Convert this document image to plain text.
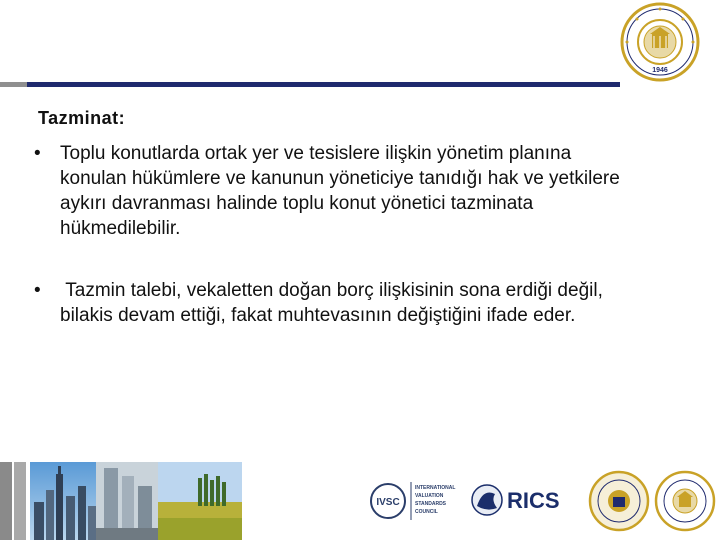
1946
Tazminat:
• Toplu konutlarda ortak yer ve tesislere ilişkin yönetim planına konulan hükümlere ve kanunun yöneticiye tanıdığı hak ve yetkilere aykırı davranması halinde toplu konut yönetici tazminata hükmedilebilir.
• Tazmin talebi, vekaletten doğan borç ilişkisinin sona erdiği değil, bilakis devam ettiği, fakat muhtevasının değiştiğini ifade eder.
IVSC
INTERNATIONAL
VALUATION
STANDARDS
COUNCIL	RICS
